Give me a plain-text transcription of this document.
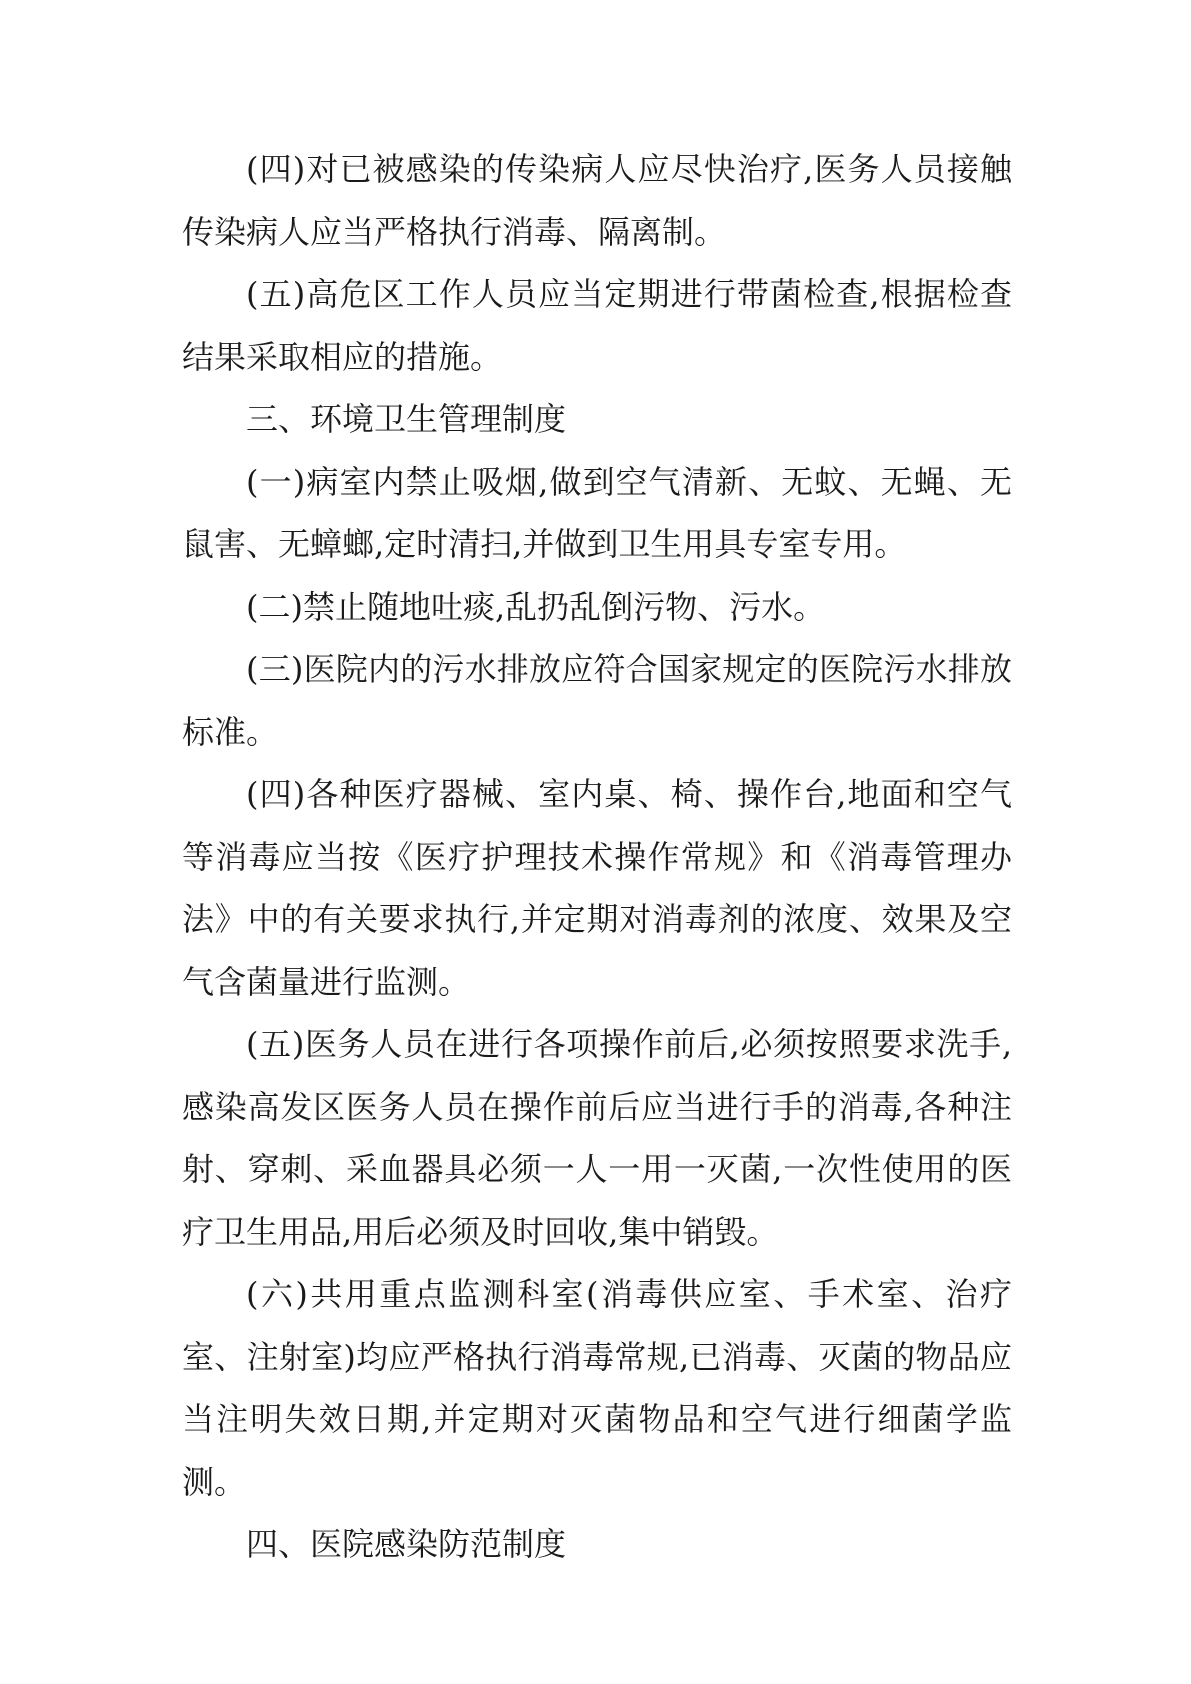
(四)对已被感染的传染病人应尽快治疗,医务人员接触传染病人应当严格执行消毒、隔离制。

(五)高危区工作人员应当定期进行带菌检查,根据检查结果采取相应的措施。

三、环境卫生管理制度

(一)病室内禁止吸烟,做到空气清新、无蚊、无蝇、无鼠害、无蟑螂,定时清扫,并做到卫生用具专室专用。

(二)禁止随地吐痰,乱扔乱倒污物、污水。

(三)医院内的污水排放应符合国家规定的医院污水排放标准。

(四)各种医疗器械、室内桌、椅、操作台,地面和空气等消毒应当按《医疗护理技术操作常规》和《消毒管理办法》中的有关要求执行,并定期对消毒剂的浓度、效果及空气含菌量进行监测。

(五)医务人员在进行各项操作前后,必须按照要求洗手,感染高发区医务人员在操作前后应当进行手的消毒,各种注射、穿刺、采血器具必须一人一用一灭菌,一次性使用的医疗卫生用品,用后必须及时回收,集中销毁。

(六)共用重点监测科室(消毒供应室、手术室、治疗室、注射室)均应严格执行消毒常规,已消毒、灭菌的物品应当注明失效日期,并定期对灭菌物品和空气进行细菌学监测。

四、医院感染防范制度
